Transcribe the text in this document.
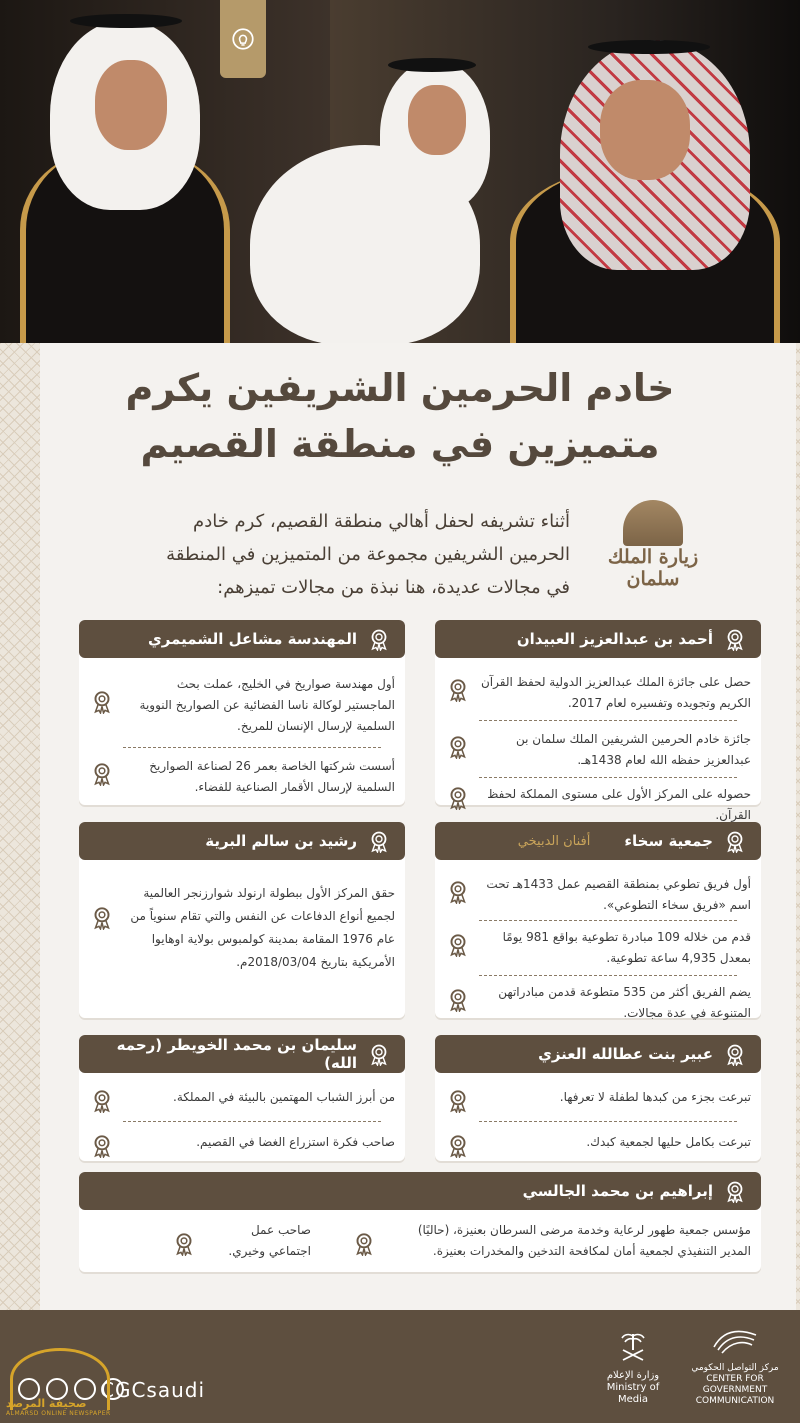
خادم الحرمين الشريفين يكرم
متميزين في منطقة القصيم
أثناء تشريفه لحفل أهالي منطقة القصيم، كرم خادم الحرمين الشريفين مجموعة من المتميزين في المنطقة في مجالات عديدة، هنا نبذة من مجالات تميزهم:
زيارة الملك
سلمان
أحمد بن عبدالعزيز العبيدان
حصل على جائزة الملك عبدالعزيز الدولية لحفظ القرآن الكريم وتجويده وتفسيره لعام 2017.
جائزة خادم الحرمين الشريفين الملك سلمان بن عبدالعزيز حفظه الله لعام 1438هـ.
حصوله على المركز الأول على مستوى المملكة لحفظ القرآن.
المهندسة مشاعل الشميمري
أول مهندسة صواريخ في الخليج، عملت بحث الماجستير لوكالة ناسا الفضائية عن الصواريخ النووية السلمية لإرسال الإنسان للمريخ.
أسست شركتها الخاصة بعمر 26 لصناعة الصواريخ السلمية لإرسال الأقمار الصناعية للفضاء.
جمعية سخاء
أفنان الدبيخي
أول فريق تطوعي بمنطقة القصيم عمل 1433هـ تحت اسم «فريق سخاء التطوعي».
قدم من خلاله 109 مبادرة تطوعية بواقع 981 يومًا بمعدل 4,935 ساعة تطوعية.
يضم الفريق أكثر من 535 متطوعة قدمن مبادراتهن المتنوعة في عدة مجالات.
رشيد بن سالم البرية
حقق المركز الأول ببطولة ارنولد شوارزنجر العالمية لجميع أنواع الدفاعات عن النفس والتي تقام سنوياً من عام 1976 المقامة بمدينة كولمبوس بولاية اوهايوا الأمريكية بتاريخ 2018/03/04م.
عبير بنت عطالله العنزي
تبرعت بجزء من كبدها لطفلة لا تعرفها.
تبرعت بكامل حليها لجمعية كبدك.
سليمان بن محمد الخويطر (رحمه الله)
من أبرز الشباب المهتمين بالبيئة في المملكة.
صاحب فكرة استزراع الغضا في القصيم.
إبراهيم بن محمد الجالسي
مؤسس جمعية طهور لرعاية وخدمة مرضى السرطان بعنيزة، (حاليًا) المدير التنفيذي لجمعية أمان لمكافحة التدخين والمخدرات بعنيزة.
صاحب عمل اجتماعي وخيري.
CGCsaudi
وزارة الإعلام
Ministry of Media
مركز التواصل الحكومي
CENTER FOR GOVERNMENT
COMMUNICATION
صحيفة المرصد
ALMARSD ONLINE NEWSPAPER
